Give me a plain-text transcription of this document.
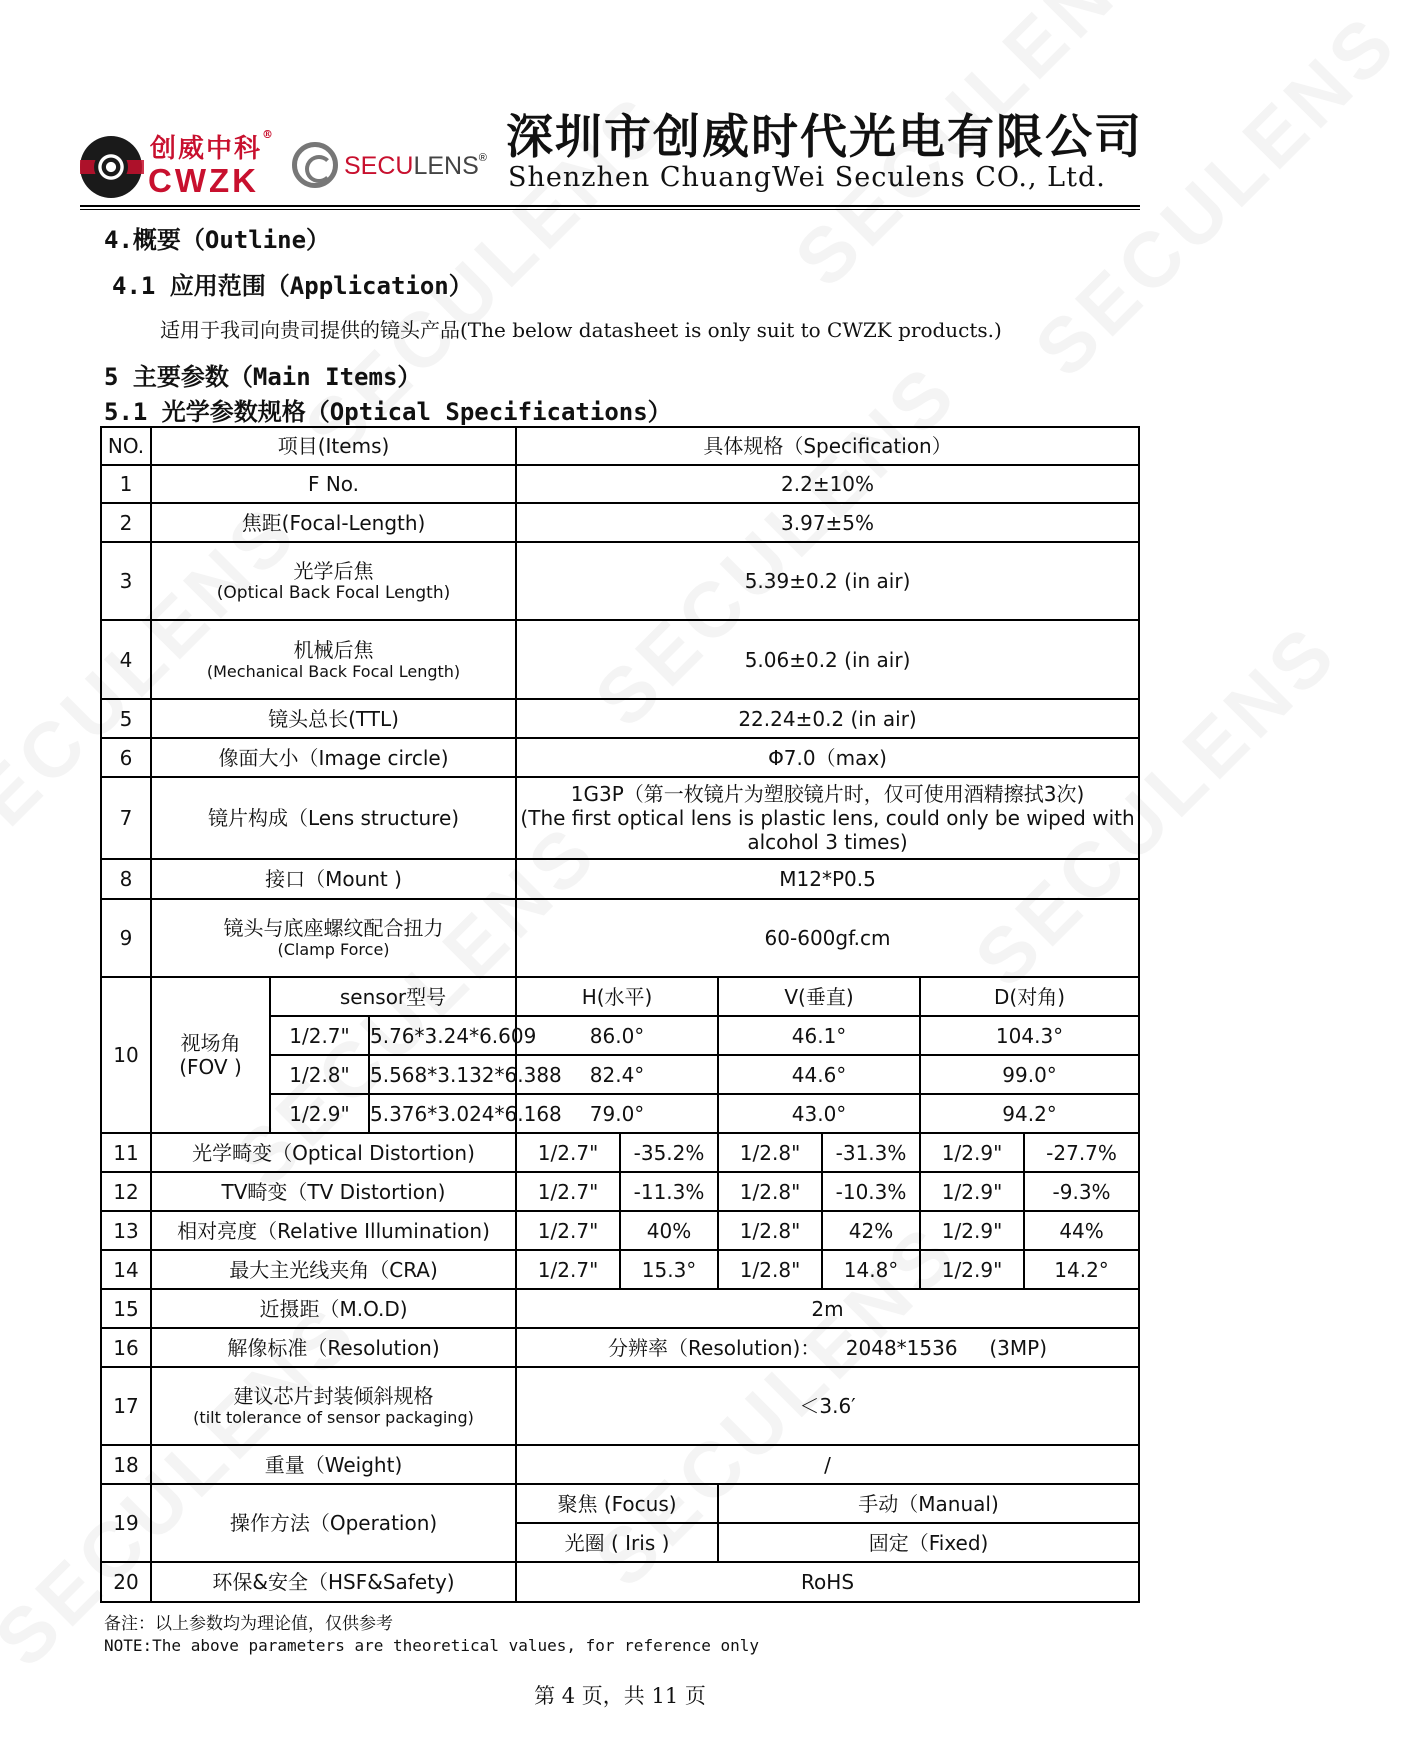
创威中科®
CWZK	SECULENS® 深圳市创威时代光电有限公司
Shenzhen ChuangWei Seculens CO., Ltd.
4.概要（Outline）
4.1 应用范围（Application）
适用于我司向贵司提供的镜头产品(The below datasheet is only suit to CWZK products.)
5 主要参数（Main Items）
5.1 光学参数规格（Optical Specifications）
NO.	项目(Items)			具体规格（Specification）					
1	F No.			2.2±10%					
2	焦距(Focal-Length)			3.97±5%					
3	光学后焦
(Optical Back Focal Length)			5.39±0.2 (in air)					
4	机械后焦
(Mechanical Back Focal Length)			5.06±0.2 (in air)					
5	镜头总长(TTL)			22.24±0.2 (in air)					
6	像面大小（Image circle)			Φ7.0（max)					
7	镜片构成（Lens structure)			1G3P（第一枚镜片为塑胶镜片时，仅可使用酒精擦拭3次)
(The first optical lens is plastic lens, could only be wiped with
alcohol 3 times)					

8	接口（Mount )			M12*P0.5					
9	镜头与底座螺纹配合扭力
(Clamp Force)			60-600gf.cm					
10	视场角
(FOV )	sensor型号		H(水平)		V(垂直)		D(对角)	
		1/2.7"	5.76*3.24*6.609	86.0°		46.1°		104.3°	
		1/2.8"	5.568*3.132*6.388	82.4°		44.6°		99.0°	
		1/2.9"	5.376*3.024*6.168	79.0°		43.0°		94.2°	
11	光学畸变（Optical Distortion)			1/2.7"	-35.2%	1/2.8"	-31.3%	1/2.9"	-27.7%
12	TV畸变（TV Distortion)			1/2.7"	-11.3%	1/2.8"	-10.3%	1/2.9"	-9.3%
13	相对亮度（Relative Illumination)			1/2.7"	40%	1/2.8"	42%	1/2.9"	44%
14	最大主光线夹角（CRA)			1/2.7"	15.3°	1/2.8"	14.8°	1/2.9"	14.2°
15	近摄距（M.O.D)			2m					
16	解像标准（Resolution)			分辨率（Resolution)：    2048*1536     (3MP)					
17	建议芯片封装倾斜规格
(tilt tolerance of sensor packaging)			＜3.6′					
18	重量（Weight)			/					
19	操作方法（Operation)			聚焦 (Focus)		手动（Manual)			
				光圈 ( Iris )		固定（Fixed)			
20	环保&安全（HSF&Safety)			RoHS					
备注：以上参数均为理论值，仅供参考
NOTE:The above parameters are theoretical values, for reference only
第 4 页，共 11 页
